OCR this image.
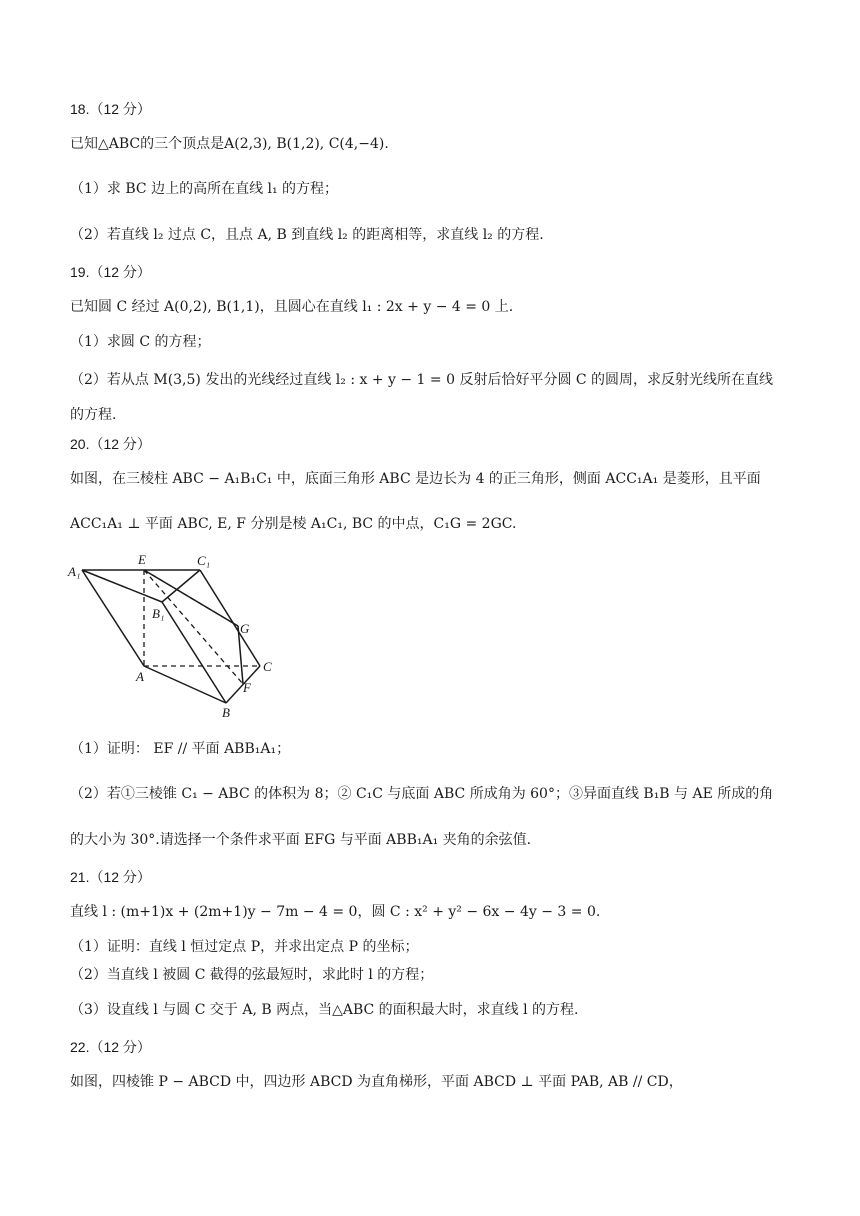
18.（12 分）
已知△ABC的三个顶点是A(2,3), B(1,2), C(4,−4).
（1）求 BC 边上的高所在直线 l₁ 的方程；
（2）若直线 l₂ 过点 C，且点 A, B 到直线 l₂ 的距离相等，求直线 l₂ 的方程.
19.（12 分）
已知圆 C 经过 A(0,2), B(1,1)，且圆心在直线 l₁ : 2x + y − 4 = 0 上.
（1）求圆 C 的方程；
（2）若从点 M(3,5) 发出的光线经过直线 l₂ : x + y − 1 = 0 反射后恰好平分圆 C 的圆周，求反射光线所在直线
的方程.
20.（12 分）
如图，在三棱柱 ABC − A₁B₁C₁ 中，底面三角形 ABC 是边长为 4 的正三角形，侧面 ACC₁A₁ 是菱形，且平面
ACC₁A₁ ⊥ 平面 ABC, E, F 分别是棱 A₁C₁, BC 的中点，C₁G = 2GC.
A₁
E	C₁
B₁
G
C
A
F
B
（1）证明： EF // 平面 ABB₁A₁；
（2）若①三棱锥 C₁ − ABC 的体积为 8；② C₁C 与底面 ABC 所成角为 60°；③异面直线 B₁B 与 AE 所成的角
的大小为 30°.请选择一个条件求平面 EFG 与平面 ABB₁A₁ 夹角的余弦值.
21.（12 分）
直线 l : (m+1)x + (2m+1)y − 7m − 4 = 0，圆 C : x² + y² − 6x − 4y − 3 = 0.
（1）证明：直线 l 恒过定点 P，并求出定点 P 的坐标；
（2）当直线 l 被圆 C 截得的弦最短时，求此时 l 的方程；
（3）设直线 l 与圆 C 交于 A, B 两点，当△ABC 的面积最大时，求直线 l 的方程.
22.（12 分）
如图，四棱锥 P − ABCD 中，四边形 ABCD 为直角梯形，平面 ABCD ⊥ 平面 PAB, AB // CD，
